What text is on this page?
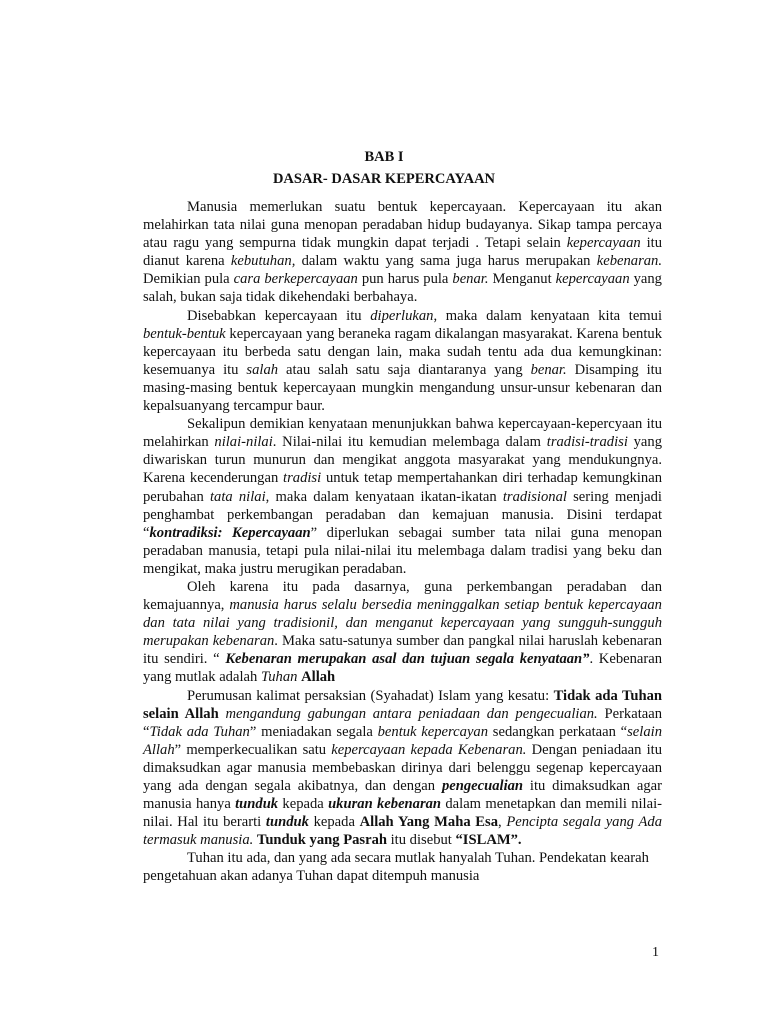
BAB I
DASAR- DASAR KEPERCAYAAN

Manusia memerlukan suatu bentuk kepercayaan. Kepercayaan itu akan melahirkan tata nilai guna menopan peradaban hidup budayanya. Sikap tampa percaya atau ragu yang sempurna tidak mungkin dapat terjadi . Tetapi selain kepercayaan itu dianut karena kebutuhan, dalam waktu yang sama juga harus merupakan kebenaran. Demikian pula cara berkepercayaan pun harus pula benar. Menganut kepercayaan yang salah, bukan saja tidak dikehendaki berbahaya.

Disebabkan kepercayaan itu diperlukan, maka dalam kenyataan kita temui bentuk-bentuk kepercayaan yang beraneka ragam dikalangan masyarakat. Karena bentuk kepercayaan itu berbeda satu dengan lain, maka sudah tentu ada dua kemungkinan: kesemuanya itu salah atau salah satu saja diantaranya yang benar. Disamping itu masing-masing bentuk kepercayaan mungkin mengandung unsur-unsur kebenaran dan kepalsuanyang tercampur baur.

Sekalipun demikian kenyataan menunjukkan bahwa kepercayaan-kepercyaan itu melahirkan nilai-nilai. Nilai-nilai itu kemudian melembaga dalam tradisi-tradisi yang diwariskan turun munurun dan mengikat anggota masyarakat yang mendukungnya. Karena kecenderungan tradisi untuk tetap mempertahankan diri terhadap kemungkinan perubahan tata nilai, maka dalam kenyataan ikatan-ikatan tradisional sering menjadi penghambat perkembangan peradaban dan kemajuan manusia. Disini terdapat “kontradiksi: Kepercayaan” diperlukan sebagai sumber tata nilai guna menopan peradaban manusia, tetapi pula nilai-nilai itu melembaga dalam tradisi yang beku dan mengikat, maka justru merugikan peradaban.

Oleh karena itu pada dasarnya, guna perkembangan peradaban dan kemajuannya, manusia harus selalu bersedia meninggalkan setiap bentuk kepercayaan dan tata nilai yang tradisionil, dan menganut kepercayaan yang sungguh-sungguh merupakan kebenaran. Maka satu-satunya sumber dan pangkal nilai haruslah kebenaran itu sendiri. “ Kebenaran merupakan asal dan tujuan segala kenyataan”. Kebenaran yang mutlak adalah Tuhan Allah

Perumusan kalimat persaksian (Syahadat) Islam yang kesatu: Tidak ada Tuhan selain Allah mengandung gabungan antara peniadaan dan pengecualian. Perkataan “Tidak ada Tuhan” meniadakan segala bentuk kepercayan sedangkan perkataan “selain Allah” memperkecualikan satu kepercayaan kepada Kebenaran. Dengan peniadaan itu dimaksudkan agar manusia membebaskan dirinya dari belenggu segenap kepercayaan yang ada dengan segala akibatnya, dan dengan pengecualian itu dimaksudkan agar manusia hanya tunduk kepada ukuran kebenaran dalam menetapkan dan memili nilai-nilai. Hal itu berarti tunduk kepada Allah Yang Maha Esa, Pencipta segala yang Ada termasuk manusia. Tunduk yang Pasrah itu disebut “ISLAM”.

Tuhan itu ada, dan yang ada secara mutlak hanyalah Tuhan. Pendekatan kearah

pengetahuan akan adanya Tuhan dapat ditempuh manusia
1
